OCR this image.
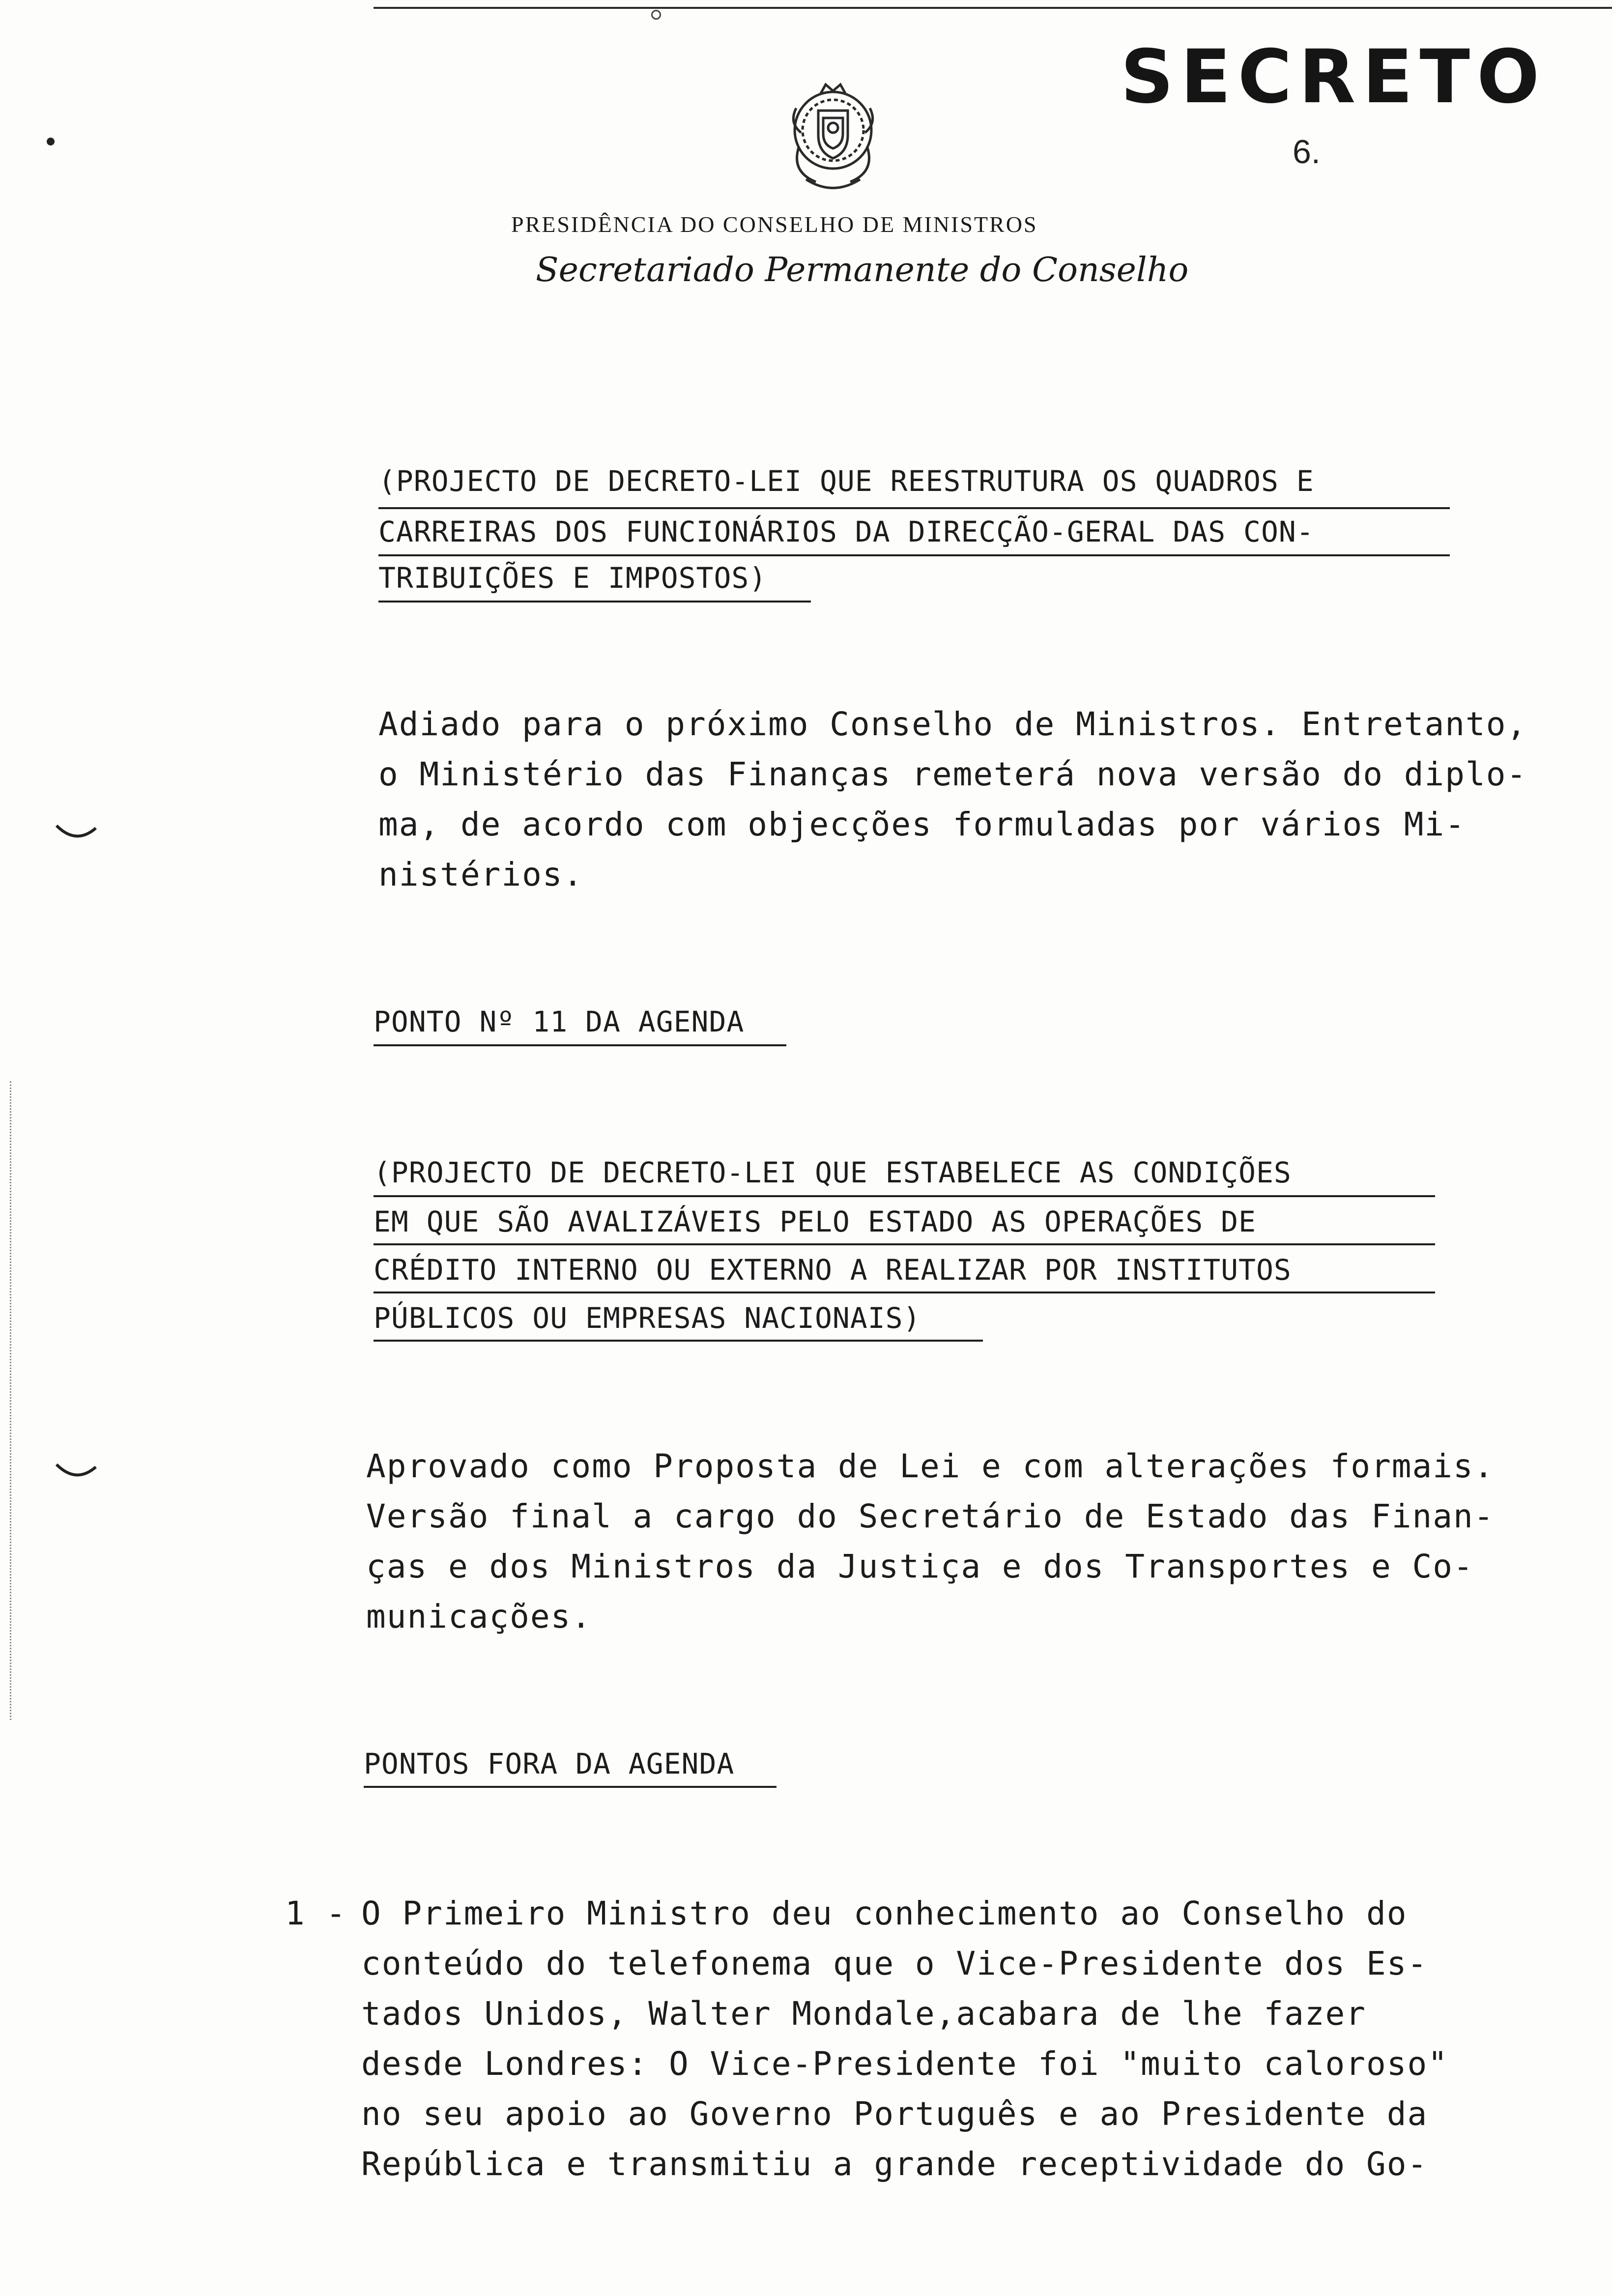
SECRETO
6.
PRESIDÊNCIA DO CONSELHO DE MINISTROS
Secretariado Permanente do Conselho
(PROJECTO DE DECRETO-LEI QUE REESTRUTURA OS QUADROS E
CARREIRAS DOS FUNCIONÁRIOS DA DIRECÇÃO-GERAL DAS CON-
TRIBUIÇÕES E IMPOSTOS)
Adiado para o próximo Conselho de Ministros. Entretanto,
o Ministério das Finanças remeterá nova versão do diplo-
ma, de acordo com objecções formuladas por vários Mi-
nistérios.
PONTO Nº 11 DA AGENDA
(PROJECTO DE DECRETO-LEI QUE ESTABELECE AS CONDIÇÕES
EM QUE SÃO AVALIZÁVEIS PELO ESTADO AS OPERAÇÕES DE
CRÉDITO INTERNO OU EXTERNO A REALIZAR POR INSTITUTOS
PÚBLICOS OU EMPRESAS NACIONAIS)
Aprovado como Proposta de Lei e com alterações formais.
Versão final a cargo do Secretário de Estado das Finan-
ças e dos Ministros da Justiça e dos Transportes e Co-
municações.
PONTOS FORA DA AGENDA
1 - O Primeiro Ministro deu conhecimento ao Conselho do
conteúdo do telefonema que o Vice-Presidente dos Es-
tados Unidos, Walter Mondale,acabara de lhe fazer
desde Londres: O Vice-Presidente foi "muito caloroso"
no seu apoio ao Governo Português e ao Presidente da
República e transmitiu a grande receptividade do Go-
